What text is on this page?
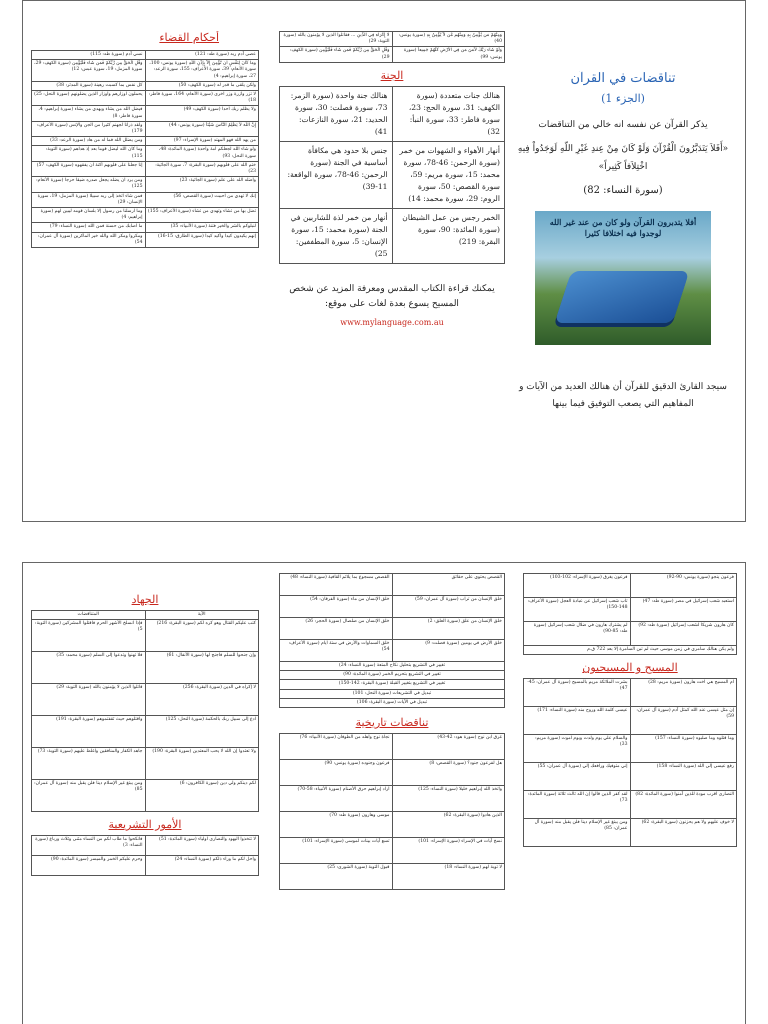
أحكام القضاء
عصى آدم ربه (سورة طه: 121)	نسي آدم (سورة طه: 115)
ومَا كَانَ لِنَفْسٍ أَن تُؤْمِنَ إِلاَّ بِإِذْنِ اللَّهِ (سورة يونس: 100، سورة الأنعام: 39، سورة الأعراف: 155، سورة الرعد: 27، سورة إبراهيم: 4)	وَقُلِ الْحَقُّ مِن رَّبِّكُمْ فَمَن شَاء فَلْيُؤْمِن (سورة الكهف: 29، سورة المزمل: 19، سورة عبس: 12)
ولكن يلقى ما قدر له (سورة الكهف: 50)	كل نفس بما كسبت رهينة (سورة المدثر: 38)
لا تزر وازرة وزر أخرى (سورة الأنعام: 164، سورة فاطر: 18)	يحملون أوزارهم وأوزار الذين يضلونهم (سورة النحل: 25)
ولا يظلم ربك أحدا (سورة الكهف: 49)	فيضل الله من يشاء ويهدي من يشاء (سورة إبراهيم: 4، سورة فاطر: 8)
إِنَّ اللَّهَ لاَ يَظْلِمُ النَّاسَ شَيْئاً (سورة يونس: 44)	ولقد ذرأنا لجهنم كثيرا من الجن والإنس (سورة الأعراف: 179)
من يهد الله فهو المهتد (سورة الإسراء: 97)	ومن يضلل الله فما له من هاد (سورة الرعد: 33)
ولو شاء الله لجعلكم أمة واحدة (سورة المائدة: 48، سورة النحل: 93)	وما كان الله ليضل قوما بعد إذ هداهم (سورة التوبة: 115)
ختم الله على قلوبهم (سورة البقرة: 7، سورة الجاثية: 23)	إنا جعلنا على قلوبهم أكنة أن يفقهوه (سورة الكهف: 57)
وأضله الله على علم (سورة الجاثية: 23)	ومن يرد أن يضله يجعل صدره ضيقا حرجا (سورة الأنعام: 125)
إنك لا تهدي من أحببت (سورة القصص: 56)	فمن شاء اتخذ إلى ربه سبيلا (سورة المزمل: 19، سورة الإنسان: 29)
تضل بها من تشاء وتهدي من تشاء (سورة الأعراف: 155)	وما أرسلنا من رسول إلا بلسان قومه ليبين لهم (سورة إبراهيم: 4)
لنبلوكم بالشر والخير فتنة (سورة الأنبياء: 35)	ما أصابك من حسنة فمن الله (سورة النساء: 79)
إنهم يكيدون كيدا وأكيد كيدا (سورة الطارق: 15-16)	ومكروا ومكر الله والله خير الماكرين (سورة آل عمران: 54)
وَمِنْهُمْ مَن يُؤْمِنُ بِهِ وَمِنْهُم مَّن لاَّ يُؤْمِنُ بِهِ (سورة يونس: 40)	لا إِكْرَاهَ فِي الدِّينِ ... فقاتلوا الذين لا يؤمنون بالله (سورة التوبة: 29)
وَلَوْ شَاء رَبُّكَ لآمَنَ مَن فِي الأَرْضِ كُلُّهُمْ جَمِيعاً (سورة يونس: 99)	وَقُلِ الْحَقُّ مِن رَّبِّكُمْ فَمَن شَاء فَلْيُؤْمِن (سورة الكهف: 29)
الجنة
هنالك جنات متعددة (سورة الكهف: 31، سورة الحج: 23، سورة فاطر: 33، سورة النبأ: 32)	هنالك جنة واحدة (سورة الزمر: 73، سورة فصلت: 30، سورة الحديد: 21، سورة النازعات: 41)
أنهار الأهواء و الشهوات من خمر (سورة الرحمن: 46-78، سورة محمد: 15، سورة مريم: 59، سورة القصص: 50، سورة الروم: 29، سورة محمد: 14)	جنس بلا حدود هي مكافأة أساسية في الجنة (سورة الرحمن: 46-78، سورة الواقعة: 11-39)
الخمر رجس من عمل الشيطان (سورة المائدة: 90، سورة البقرة: 219)	أنهار من خمر لذة للشاربين في الجنة (سورة محمد: 15، سورة الإنسان: 5، سورة المطففين: 25)
يمكنك قراءة الكتاب المقدس ومعرفة المزيد عن شخص المسيح يسوع بعدة لغات على موقع:
www.mylanguage.com.au
تناقضات في القرآن
(الجزء 1)
يذكر القرآن عن نفسه انه خالي من التناقضات
«أَفَلاَ يَتَدَبَّرُونَ الْقُرْآنَ وَلَوْ كَانَ مِنْ عِندِ غَيْرِ اللّهِ لَوَجَدُواْ فِيهِ اخْتِلاَفاً كَثِيراً»
(سورة النساء: 82)
أفلا يتدبرون القرآن ولو كان من عند غير الله لوجدوا فيه اختلافا كثيرا
سيجد القارئ الدقيق للقرآن أن هنالك العديد من الآيات و المفاهيم التي يصعب التوفيق فيما بينها
الجهاد
الآية	المتناقضات
كتب عليكم القتال وهو كره لكم (سورة البقرة: 216)	فإذا انسلخ الأشهر الحرم فاقتلوا المشركين (سورة التوبة: 5)
وإن جنحوا للسلم فاجنح لها (سورة الأنفال: 61)	فلا تهنوا وتدعوا إلى السلم (سورة محمد: 35)
لا إكراه في الدين (سورة البقرة: 256)	قاتلوا الذين لا يؤمنون بالله (سورة التوبة: 29)
ادع إلى سبيل ربك بالحكمة (سورة النحل: 125)	واقتلوهم حيث ثقفتموهم (سورة البقرة: 191)
ولا تعتدوا إن الله لا يحب المعتدين (سورة البقرة: 190)	جاهد الكفار والمنافقين واغلظ عليهم (سورة التوبة: 73)
لكم دينكم ولي دين (سورة الكافرون: 6)	ومن يبتغ غير الإسلام دينا فلن يقبل منه (سورة آل عمران: 85)
الأمور التشريعية
لا تتخذوا اليهود والنصارى أولياء (سورة المائدة: 51)	فانكحوا ما طاب لكم من النساء مثنى وثلاث ورباع (سورة النساء: 3)
وأحل لكم ما وراء ذلكم (سورة النساء: 24)	وحرم عليكم الخمر والميسر (سورة المائدة: 90)
القصص يحتوي على حقائق	القصص مسجوع بما يلائم القافية (سورة النساء: 48)
خلق الإنسان من تراب (سورة آل عمران: 59)	خلق الإنسان من ماء (سورة الفرقان: 54)
خلق الإنسان من علق (سورة العلق: 2)	خلق الإنسان من صلصال (سورة الحجر: 26)
خلق الأرض في يومين (سورة فصلت: 9)	خلق السماوات والأرض في ستة أيام (سورة الأعراف: 54)
تغيير في التشريع بتحليل نكاح المتعة (سورة النساء: 24)
تغيير في التشريع بتحريم الخمر (سورة المائدة: 90)
تغيير في التشريع بتغيير القبلة (سورة البقرة: 142-150)
تبديل في التشريعات (سورة النحل: 101)
تبديل في الآيات (سورة البقرة: 106)
تناقضات تاريخية
غرق ابن نوح (سورة هود: 42-43)	نجاة نوح وأهله من الطوفان (سورة الأنبياء: 76)
هل لفرعون جنود؟ (سورة القصص: 8)	فرعون وجنوده (سورة يونس: 90)
واتخذ الله إبراهيم خليلا (سورة النساء: 125)	أراد إبراهيم حرق الأصنام (سورة الأنبياء: 58-70)
الذين هادوا (سورة البقرة: 62)	موسى وهارون (سورة طه: 70)
نسخ آيات في الإسراء (سورة الإسراء: 101)	تسع آيات بينات لموسى (سورة الإسراء: 101)
لا توبة لهم (سورة النساء: 18)	قبول التوبة (سورة الشورى: 25)
فرعون ينجو (سورة يونس: 90-92)	فرعون يغرق (سورة الإسراء: 102-103)
استعبد شعب إسرائيل في مصر (سورة طه: 47)	تاب شعب إسرائيل عن عبادة العجل (سورة الأعراف: 148-150)
كان هارون شريكا لشعب إسرائيل (سورة طه: 92)	لم يشترك هارون في ضلال شعب إسرائيل (سورة طه: 85-90)
ولم يكن هنالك سامري في زمن موسى حيث لم تبن السامرة إلا بعد 722 ق.م
المسيح و المسيحيون
أم المسيح هي أخت هارون (سورة مريم: 28)	بشرت الملائكة مريم بالمسيح (سورة آل عمران: 45-47)
إن مثل عيسى عند الله كمثل آدم (سورة آل عمران: 59)	عيسى كلمة الله وروح منه (سورة النساء: 171)
وما قتلوه وما صلبوه (سورة النساء: 157)	والسلام علي يوم ولدت ويوم أموت (سورة مريم: 33)
رفع عيسى إلى الله (سورة النساء: 158)	إني متوفيك ورافعك إلي (سورة آل عمران: 55)
النصارى أقرب مودة للذين آمنوا (سورة المائدة: 82)	لقد كفر الذين قالوا إن الله ثالث ثلاثة (سورة المائدة: 73)
لا خوف عليهم ولا هم يحزنون (سورة البقرة: 62)	ومن يبتغ غير الإسلام دينا فلن يقبل منه (سورة آل عمران: 85)
